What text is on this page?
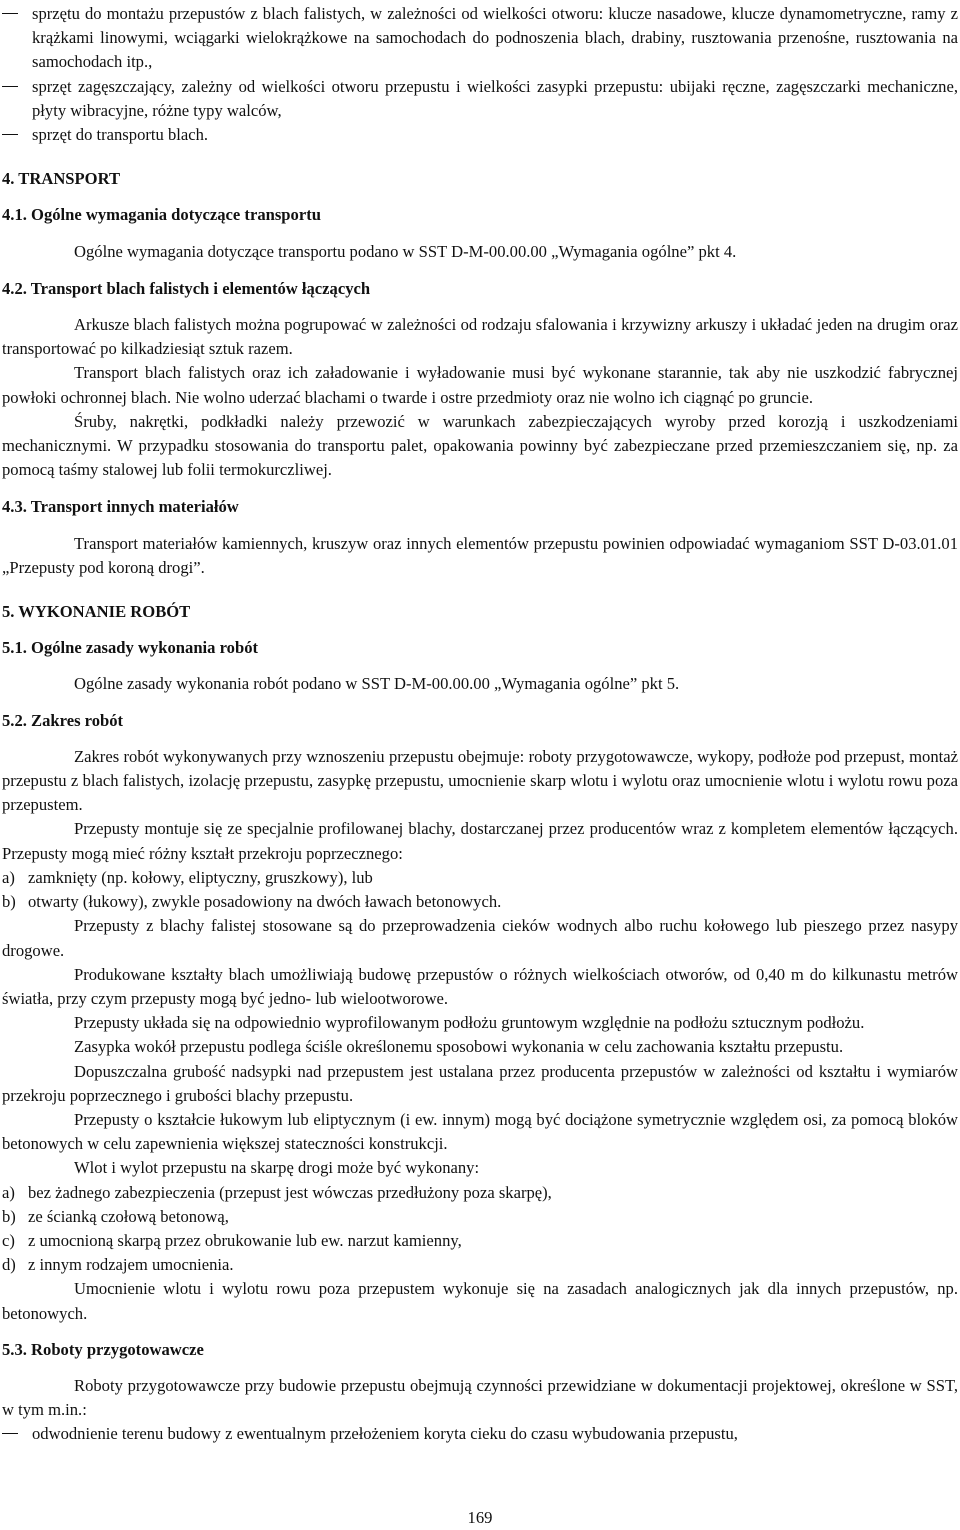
sprzętu do montażu przepustów z blach falistych, w zależności od wielkości otworu: klucze nasadowe, klucze dynamometryczne, ramy z krążkami linowymi, wciągarki wielokrążkowe na samochodach do podnoszenia blach, drabiny, rusztowania przenośne, rusztowania na samochodach itp.,
sprzęt zagęszczający, zależny od wielkości otworu przepustu i wielkości zasypki przepustu: ubijaki ręczne, zagęszczarki mechaniczne, płyty wibracyjne, różne typy walców,
sprzęt do transportu blach.

4. TRANSPORT

4.1. Ogólne wymagania dotyczące transportu

Ogólne wymagania dotyczące transportu podano w SST D-M-00.00.00 „Wymagania ogólne” pkt 4.

4.2. Transport blach falistych i elementów łączących

Arkusze blach falistych można pogrupować w zależności od rodzaju sfalowania i krzywizny arkuszy i układać jeden na drugim oraz transportować po kilkadziesiąt sztuk razem.

Transport blach falistych oraz ich załadowanie i wyładowanie musi być wykonane starannie, tak aby nie uszkodzić fabrycznej powłoki ochronnej blach. Nie wolno uderzać blachami o twarde i ostre przedmioty oraz nie wolno ich ciągnąć po gruncie.

Śruby, nakrętki, podkładki należy przewozić w warunkach zabezpieczających wyroby przed korozją i uszkodzeniami mechanicznymi. W przypadku stosowania do transportu palet, opakowania powinny być zabezpieczane przed przemieszczaniem się, np. za pomocą taśmy stalowej lub folii termokurczliwej.

4.3. Transport innych materiałów

Transport materiałów kamiennych, kruszyw oraz innych elementów przepustu powinien odpowiadać wymaganiom SST D-03.01.01 „Przepusty pod koroną drogi”.

5. WYKONANIE ROBÓT

5.1. Ogólne zasady wykonania robót

Ogólne zasady wykonania robót podano w SST D-M-00.00.00 „Wymagania ogólne” pkt 5.

5.2. Zakres robót

Zakres robót wykonywanych przy wznoszeniu przepustu obejmuje: roboty przygotowawcze, wykopy, podłoże pod przepust, montaż przepustu z blach falistych, izolację przepustu, zasypkę przepustu, umocnienie skarp wlotu i wylotu oraz umocnienie wlotu i wylotu rowu poza przepustem.

Przepusty montuje się ze specjalnie profilowanej blachy, dostarczanej przez producentów wraz z kompletem elementów łączących. Przepusty mogą mieć różny kształt przekroju poprzecznego:

a) zamknięty (np. kołowy, eliptyczny, gruszkowy), lub
b) otwarty (łukowy), zwykle posadowiony na dwóch ławach betonowych.

Przepusty z blachy falistej stosowane są do przeprowadzenia cieków wodnych albo ruchu kołowego lub pieszego przez nasypy drogowe.

Produkowane kształty blach umożliwiają budowę przepustów o różnych wielkościach otworów, od 0,40 m do kilkunastu metrów światła, przy czym przepusty mogą być jedno- lub wielootworowe.

Przepusty układa się na odpowiednio wyprofilowanym podłożu gruntowym względnie na podłożu sztucznym podłożu.

Zasypka wokół przepustu podlega ściśle określonemu sposobowi wykonania w celu zachowania kształtu przepustu.

Dopuszczalna grubość nadsypki nad przepustem jest ustalana przez producenta przepustów w zależności od kształtu i wymiarów przekroju poprzecznego i grubości blachy przepustu.

Przepusty o kształcie łukowym lub eliptycznym (i ew. innym) mogą być dociążone symetrycznie względem osi, za pomocą bloków betonowych w celu zapewnienia większej stateczności konstrukcji.

Wlot i wylot przepustu na skarpę drogi może być wykonany:

a) bez żadnego zabezpieczenia (przepust jest wówczas przedłużony poza skarpę),
b) ze ścianką czołową betonową,
c) z umocnioną skarpą przez obrukowanie lub ew. narzut kamienny,
d) z innym rodzajem umocnienia.

Umocnienie wlotu i wylotu rowu poza przepustem wykonuje się na zasadach analogicznych jak dla innych przepustów, np. betonowych.

5.3. Roboty przygotowawcze

Roboty przygotowawcze przy budowie przepustu obejmują czynności przewidziane w dokumentacji projektowej, określone w SST, w tym m.in.:

odwodnienie terenu budowy z ewentualnym przełożeniem koryta cieku do czasu wybudowania przepustu,
169
